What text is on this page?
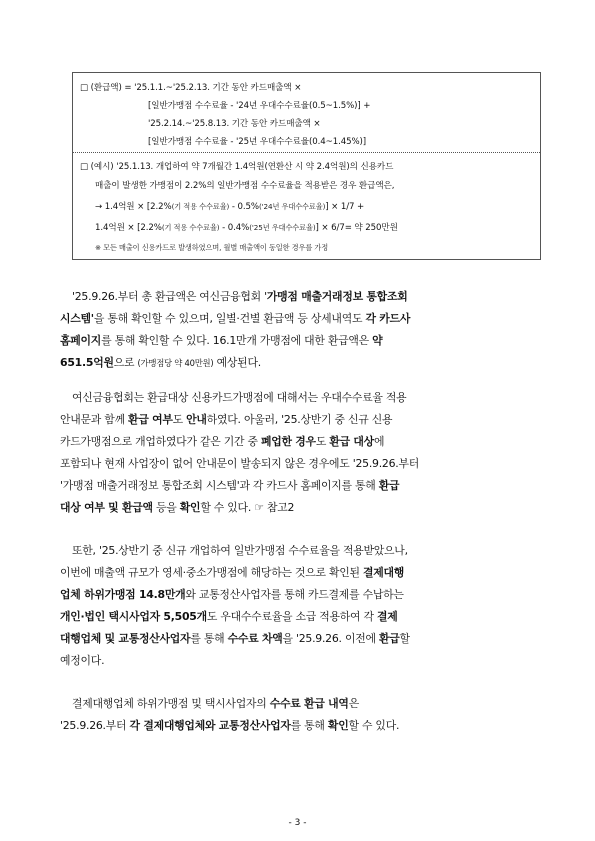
□ (환급액) = '25.1.1.~'25.2.13. 기간 동안 카드매출액 ×
[일반가맹점 수수료율 - '24년 우대수수료율(0.5~1.5%)] +
'25.2.14.~'25.8.13. 기간 동안 카드매출액 ×
[일반가맹점 수수료율 - '25년 우대수수료율(0.4~1.45%)]
□ (예시) '25.1.13. 개업하여 약 7개월간 1.4억원(연환산 시 약 2.4억원)의 신용카드
매출이 발생한 가맹점이 2.2%의 일반가맹점 수수료율을 적용받은 경우 환급액은,
→ 1.4억원 × [2.2%(기 적용 수수료율) - 0.5%('24년 우대수수료율)] × 1/7 +
1.4억원 × [2.2%(기 적용 수수료율) - 0.4%('25년 우대수수료율)] × 6/7= 약 250만원
※ 모든 매출이 신용카드로 발생하였으며, 월별 매출액이 동일한 경우를 가정
'25.9.26.부터 총 환급액은 여신금융협회 '가맹점 매출거래정보 통합조회
시스템'을 통해 확인할 수 있으며, 일별·건별 환급액 등 상세내역도 각 카드사
홈페이지를 통해 확인할 수 있다. 16.1만개 가맹점에 대한 환급액은 약
651.5억원으로 (가맹점당 약 40만원) 예상된다.
여신금융협회는 환급대상 신용카드가맹점에 대해서는 우대수수료율 적용
안내문과 함께 환급 여부도 안내하였다. 아울러, '25.상반기 중 신규 신용
카드가맹점으로 개업하였다가 같은 기간 중 폐업한 경우도 환급 대상에
포함되나 현재 사업장이 없어 안내문이 발송되지 않은 경우에도 '25.9.26.부터
'가맹점 매출거래정보 통합조회 시스템'과 각 카드사 홈페이지를 통해 환급
대상 여부 및 환급액 등을 확인할 수 있다. ☞ 참고2
또한, '25.상반기 중 신규 개업하여 일반가맹점 수수료율을 적용받았으나,
이번에 매출액 규모가 영세·중소가맹점에 해당하는 것으로 확인된 결제대행
업체 하위가맹점 14.8만개와 교통정산사업자를 통해 카드결제를 수납하는
개인·법인 택시사업자 5,505개도 우대수수료율을 소급 적용하여 각 결제
대행업체 및 교통정산사업자를 통해 수수료 차액을 '25.9.26. 이전에 환급할
예정이다.
결제대행업체 하위가맹점 및 택시사업자의 수수료 환급 내역은
'25.9.26.부터 각 결제대행업체와 교통정산사업자를 통해 확인할 수 있다.
- 3 -
